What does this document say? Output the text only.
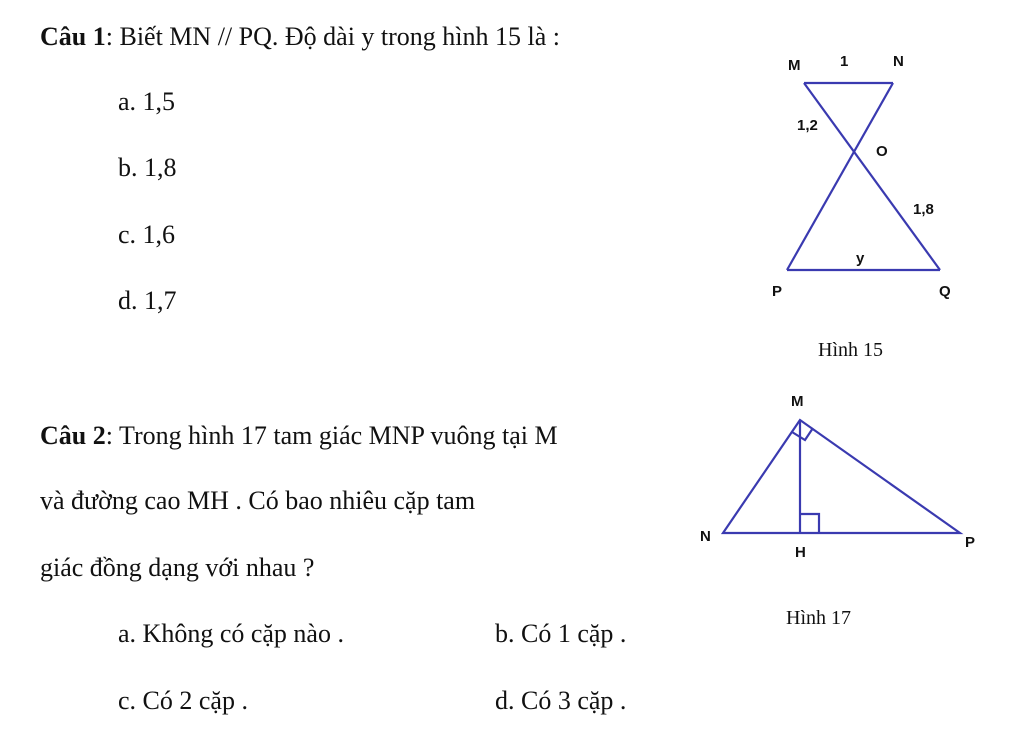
Câu 1: Biết MN // PQ. Độ dài y trong hình 15 là :
a. 1,5
b. 1,8
c. 1,6
d. 1,7
Câu 2: Trong hình 17 tam giác MNP vuông tại M
và đường cao MH . Có bao nhiêu cặp tam
giác đồng dạng với nhau ?
a. Không có cặp nào .	b. Có 1 cặp .
c. Có 2 cặp .	d. Có 3 cặp .
M	1	N
1,2
O
1,8
y
P	Q
M
N
H
P
Hình 15
Hình 17
